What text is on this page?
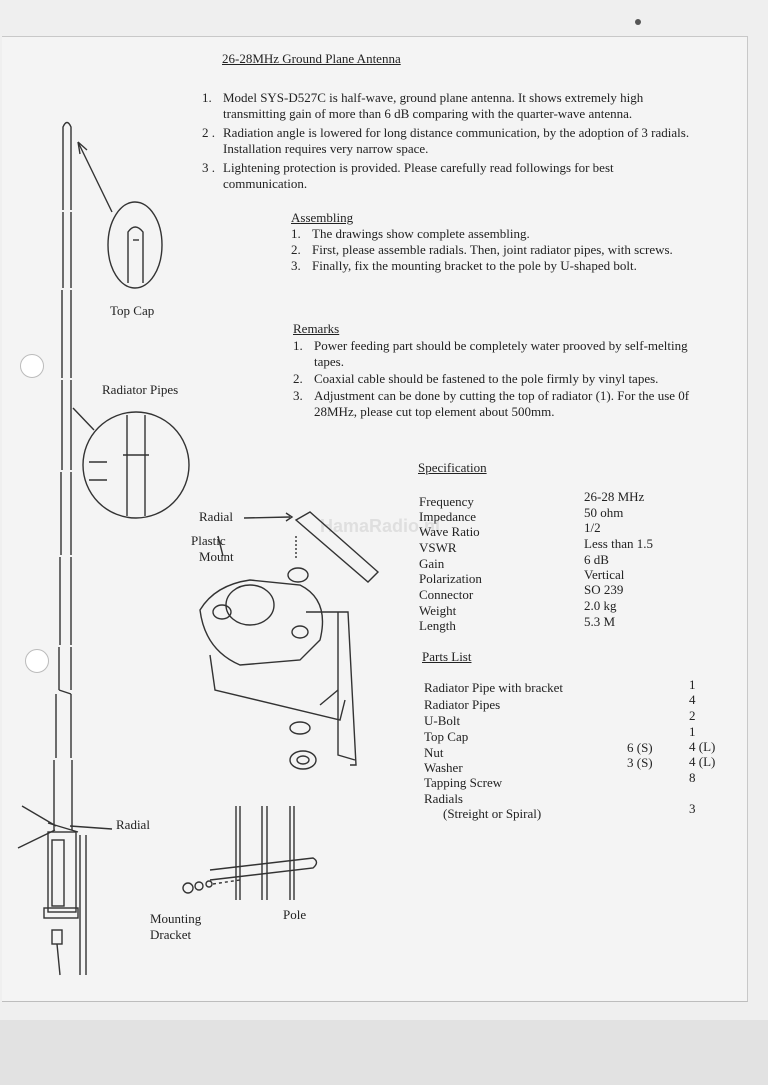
HamaRadio.nl
26-28MHz Ground Plane Antenna
1. Model SYS-D527C is half-wave, ground plane antenna. It shows extremely high transmitting gain of more than 6 dB comparing with the quarter-wave antenna.
2 . Radiation angle is lowered for long distance communication, by the adoption of 3 radials. Installation requires very narrow space.
3 . Lightening protection is provided. Please carefully read followings for best communication.
Assembling
1. The drawings show complete assembling.
2. First, please assemble radials. Then, joint radiator pipes, with screws.
3. Finally, fix the mounting bracket to the pole by U-shaped bolt.
Remarks
1. Power feeding part should be completely water prooved by self-melting tapes.
2. Coaxial cable should be fastened to the pole firmly by vinyl tapes.
3. Adjustment can be done by cutting the top of radiator (1). For the use 0f 28MHz, please cut top element about 500mm.
Specification
Frequency	26-28 MHz
Impedance	50 ohm
Wave Ratio	1/2
VSWR	Less than 1.5
Gain	6 dB
Polarization	Vertical
Connector	SO 239
Weight	2.0 kg
Length	5.3 M
Parts List
Radiator Pipe with bracket	1
Radiator Pipes	4
U-Bolt	2
Top Cap	1
Nut	6 (S)	4 (L)
Washer	3 (S)	4 (L)
Tapping Screw	8
Radials
(Streight or Spiral)	3
Top Cap
Radiator Pipes
Radial
Plastic
Mount
Radial
Mounting
Dracket
Pole
